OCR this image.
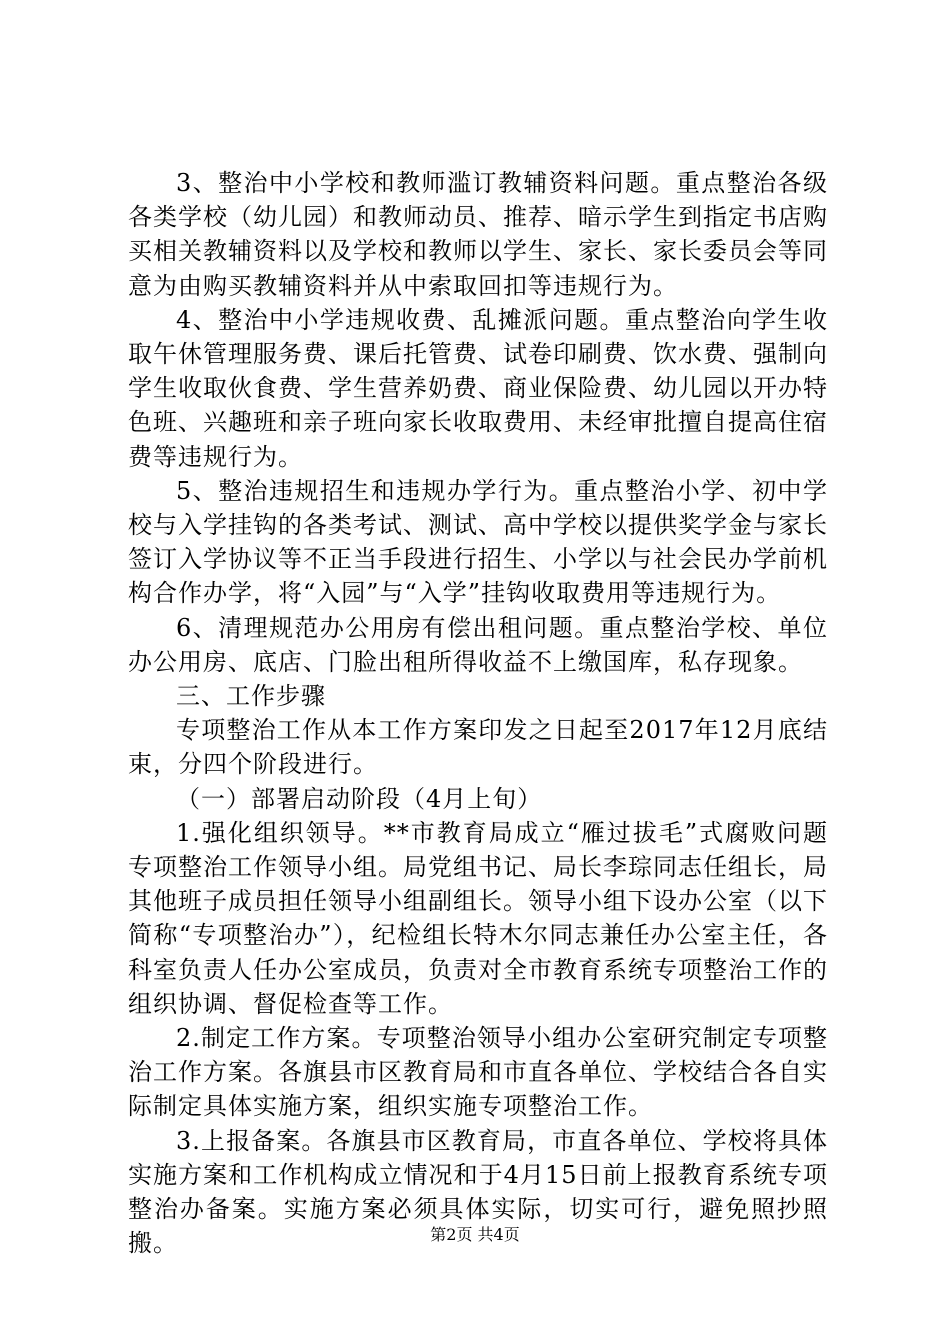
3、整治中小学校和教师滥订教辅资料问题。重点整治各级各类学校（幼儿园）和教师动员、推荐、暗示学生到指定书店购买相关教辅资料以及学校和教师以学生、家长、家长委员会等同意为由购买教辅资料并从中索取回扣等违规行为。

4、整治中小学违规收费、乱摊派问题。重点整治向学生收取午休管理服务费、课后托管费、试卷印刷费、饮水费、强制向学生收取伙食费、学生营养奶费、商业保险费、幼儿园以开办特色班、兴趣班和亲子班向家长收取费用、未经审批擅自提高住宿费等违规行为。

5、整治违规招生和违规办学行为。重点整治小学、初中学校与入学挂钩的各类考试、测试、高中学校以提供奖学金与家长签订入学协议等不正当手段进行招生、小学以与社会民办学前机构合作办学，将“入园”与“入学”挂钩收取费用等违规行为。

6、清理规范办公用房有偿出租问题。重点整治学校、单位办公用房、底店、门脸出租所得收益不上缴国库，私存现象。

三、工作步骤

专项整治工作从本工作方案印发之日起至2017年12月底结束，分四个阶段进行。

（一）部署启动阶段（4月上旬）

1.强化组织领导。**市教育局成立“雁过拔毛”式腐败问题专项整治工作领导小组。局党组书记、局长李琮同志任组长，局其他班子成员担任领导小组副组长。领导小组下设办公室（以下简称“专项整治办”），纪检组长特木尔同志兼任办公室主任，各科室负责人任办公室成员，负责对全市教育系统专项整治工作的组织协调、督促检查等工作。

2.制定工作方案。专项整治领导小组办公室研究制定专项整治工作方案。各旗县市区教育局和市直各单位、学校结合各自实际制定具体实施方案，组织实施专项整治工作。

3.上报备案。各旗县市区教育局，市直各单位、学校将具体实施方案和工作机构成立情况和于4月15日前上报教育系统专项整治办备案。实施方案必须具体实际，切实可行，避免照抄照搬。	第2页 共4页
